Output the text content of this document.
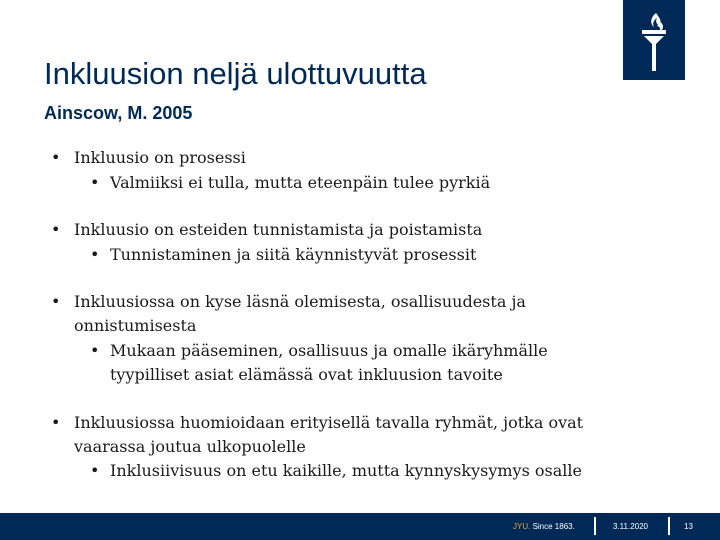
Inkluusion neljä ulottuvuutta
Ainscow, M. 2005
• Inkluusio on prosessi
• Valmiiksi ei tulla, mutta eteenpäin tulee pyrkiä
• Inkluusio on esteiden tunnistamista ja poistamista
• Tunnistaminen ja siitä käynnistyvät prosessit
• Inkluusiossa on kyse läsnä olemisesta, osallisuudesta ja
onnistumisesta
• Mukaan pääseminen, osallisuus ja omalle ikäryhmälle
tyypilliset asiat elämässä ovat inkluusion tavoite
• Inkluusiossa huomioidaan erityisellä tavalla ryhmät, jotka ovat
vaarassa joutua ulkopuolelle
• Inklusiivisuus on etu kaikille, mutta kynnyskysymys osalle
JYU. Since 1863.	3.11.2020	13
